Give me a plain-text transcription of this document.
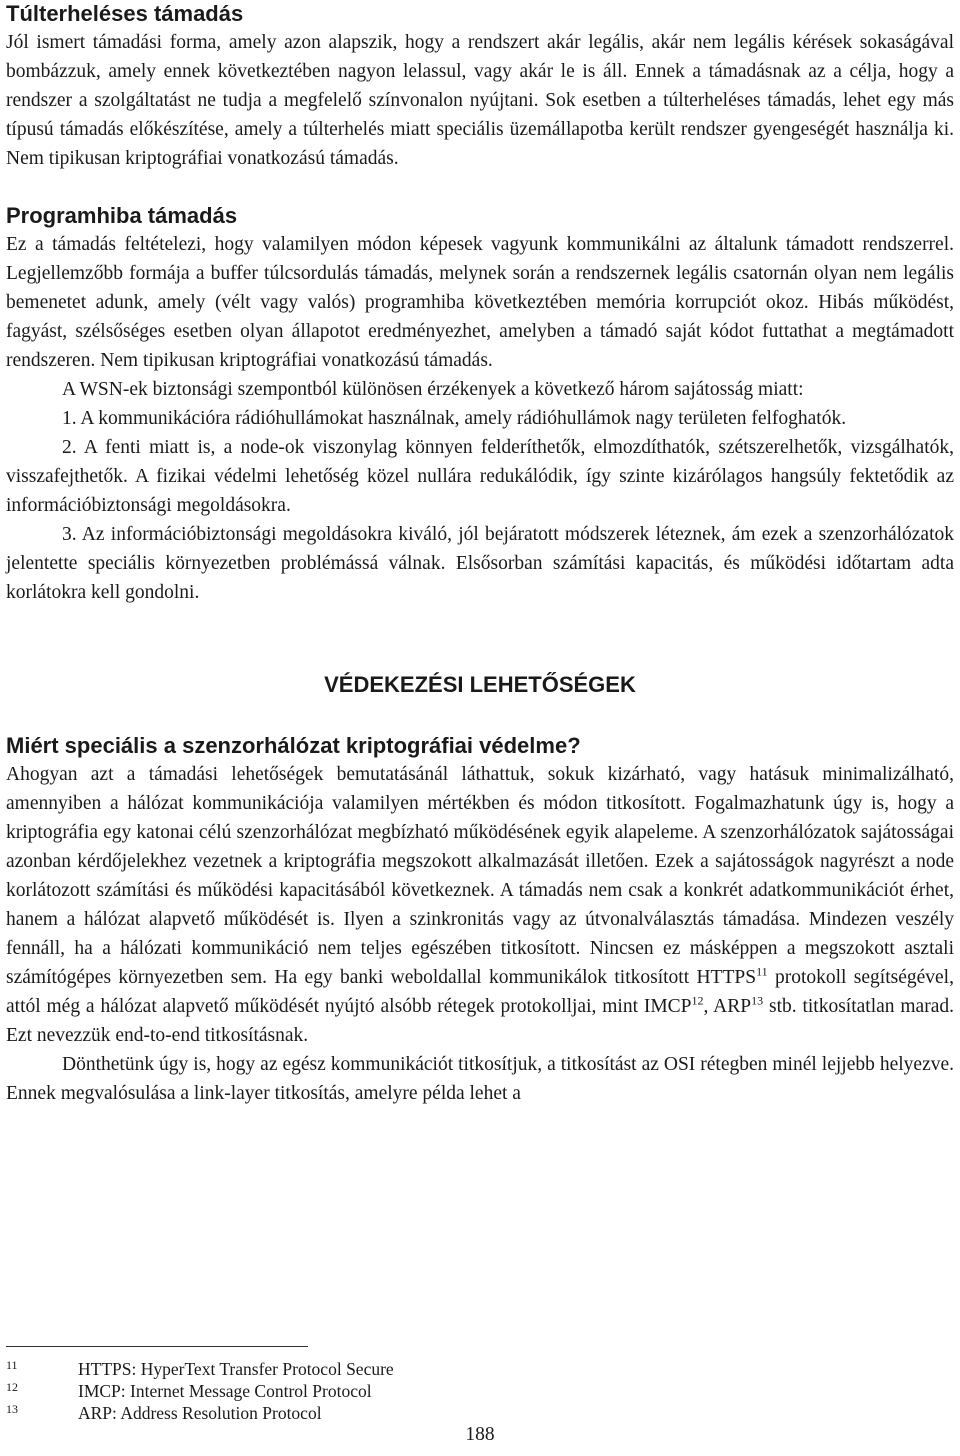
Túlterheléses támadás

Jól ismert támadási forma, amely azon alapszik, hogy a rendszert akár legális, akár nem legális kérések sokaságával bombázzuk, amely ennek következtében nagyon lelassul, vagy akár le is áll. Ennek a támadásnak az a célja, hogy a rendszer a szolgáltatást ne tudja a megfelelő színvonalon nyújtani. Sok esetben a túlterheléses támadás, lehet egy más típusú támadás előkészítése, amely a túlterhelés miatt speciális üzemállapotba került rendszer gyengeségét használja ki. Nem tipikusan kriptográfiai vonatkozású támadás.

Programhiba támadás

Ez a támadás feltételezi, hogy valamilyen módon képesek vagyunk kommunikálni az általunk támadott rendszerrel. Legjellemzőbb formája a buffer túlcsordulás támadás, melynek során a rendszernek legális csatornán olyan nem legális bemenetet adunk, amely (vélt vagy valós) programhiba következtében memória korrupciót okoz. Hibás működést, fagyást, szélsőséges esetben olyan állapotot eredményezhet, amelyben a támadó saját kódot futtathat a megtámadott rendszeren. Nem tipikusan kriptográfiai vonatkozású támadás.

A WSN-ek biztonsági szempontból különösen érzékenyek a következő három sajátosság miatt:

1. A kommunikációra rádióhullámokat használnak, amely rádióhullámok nagy területen felfoghatók.

2. A fenti miatt is, a node-ok viszonylag könnyen felderíthetők, elmozdíthatók, szétszerelhetők, vizsgálhatók, visszafejthetők. A fizikai védelmi lehetőség közel nullára redukálódik, így szinte kizárólagos hangsúly fektetődik az információbiztonsági megoldásokra.

3. Az információbiztonsági megoldásokra kiváló, jól bejáratott módszerek léteznek, ám ezek a szenzorhálózatok jelentette speciális környezetben problémássá válnak. Elsősorban számítási kapacitás, és működési időtartam adta korlátokra kell gondolni.

VÉDEKEZÉSI LEHETŐSÉGEK
Miért speciális a szenzorhálózat kriptográfiai védelme?

Ahogyan azt a támadási lehetőségek bemutatásánál láthattuk, sokuk kizárható, vagy hatásuk minimalizálható, amennyiben a hálózat kommunikációja valamilyen mértékben és módon titkosított. Fogalmazhatunk úgy is, hogy a kriptográfia egy katonai célú szenzorhálózat megbízható működésének egyik alapeleme. A szenzorhálózatok sajátosságai azonban kérdőjelekhez vezetnek a kriptográfia megszokott alkalmazását illetően. Ezek a sajátosságok nagyrészt a node korlátozott számítási és működési kapacitásából következnek. A támadás nem csak a konkrét adatkommunikációt érhet, hanem a hálózat alapvető működését is. Ilyen a szinkronitás vagy az útvonalválasztás támadása. Mindezen veszély fennáll, ha a hálózati kommunikáció nem teljes egészében titkosított. Nincsen ez másképpen a megszokott asztali számítógépes környezetben sem. Ha egy banki weboldallal kommunikálok titkosított HTTPS$^{11}$ protokoll segítségével, attól még a hálózat alapvető működését nyújtó alsóbb rétegek protokolljai, mint IMCP$^{12}$, ARP$^{13}$ stb. titkosítatlan marad. Ezt nevezzük end-to-end titkosításnak.

Dönthetünk úgy is, hogy az egész kommunikációt titkosítjuk, a titkosítást az OSI rétegben minél lejjebb helyezve. Ennek megvalósulása a link-layer titkosítás, amelyre példa lehet a

11	HTTPS: HyperText Transfer Protocol Secure
12	IMCP: Internet Message Control Protocol
13	ARP: Address Resolution Protocol
188
